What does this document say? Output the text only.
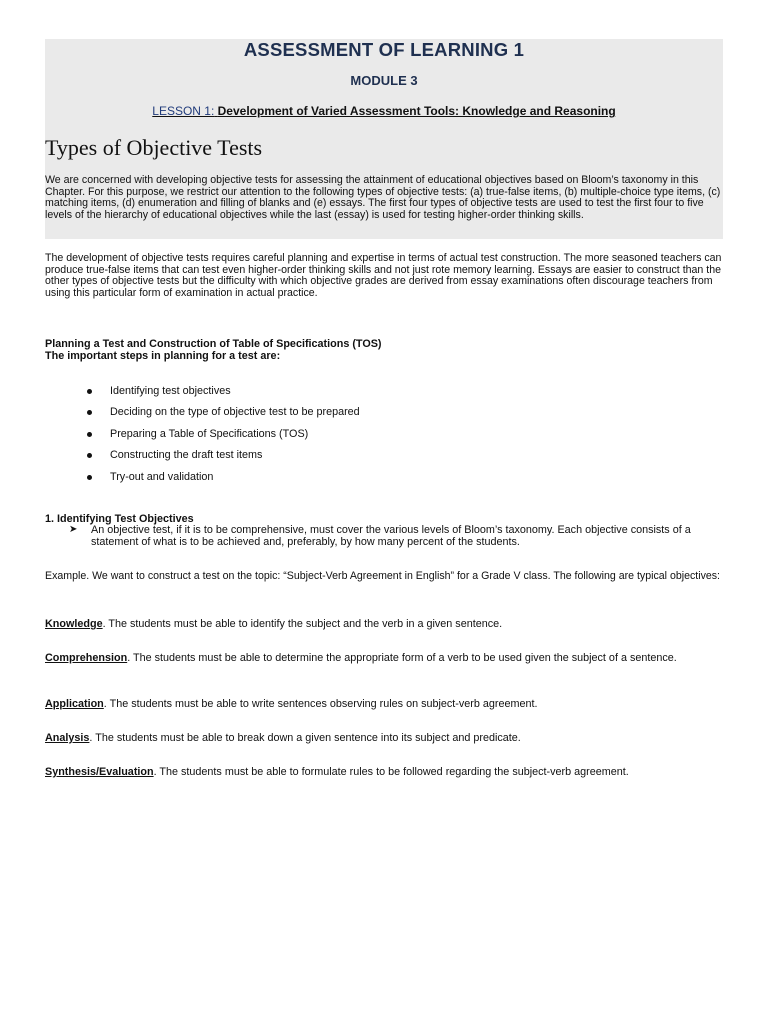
ASSESSMENT OF LEARNING 1
MODULE 3
LESSON 1: Development of Varied Assessment Tools: Knowledge and Reasoning
Types of Objective Tests
We are concerned with developing objective tests for assessing the attainment of educational objectives based on Bloom’s taxonomy in this Chapter. For this purpose, we restrict our attention to the following types of objective tests: (a) true-false items, (b) multiple-choice type items, (c) matching items, (d) enumeration and filling of blanks and (e) essays. The first four types of objective tests are used to test the first four to five levels of the hierarchy of educational objectives while the last (essay) is used for testing higher-order thinking skills.
The development of objective tests requires careful planning and expertise in terms of actual test construction. The more seasoned teachers can produce true-false items that can test even higher-order thinking skills and not just rote memory learning. Essays are easier to construct than the other types of objective tests but the difficulty with which objective grades are derived from essay examinations often discourage teachers from using this particular form of examination in actual practice.
Planning a Test and Construction of Table of Specifications (TOS)
The important steps in planning for a test are:
Identifying test objectives
Deciding on the type of objective test to be prepared
Preparing a Table of Specifications (TOS)
Constructing the draft test items
Try-out and validation
1. Identifying Test Objectives
➤	An objective test, if it is to be comprehensive, must cover the various levels of Bloom’s taxonomy. Each objective consists of a statement of what is to be achieved and, preferably, by how many percent of the students.
Example. We want to construct a test on the topic: “Subject-Verb Agreement in English” for a Grade V class. The following are typical objectives:
Knowledge. The students must be able to identify the subject and the verb in a given sentence.
Comprehension. The students must be able to determine the appropriate form of a verb to be used given the subject of a sentence.
Application. The students must be able to write sentences observing rules on subject-verb agreement.
Analysis. The students must be able to break down a given sentence into its subject and predicate.
Synthesis/Evaluation. The students must be able to formulate rules to be followed regarding the subject-verb agreement.
